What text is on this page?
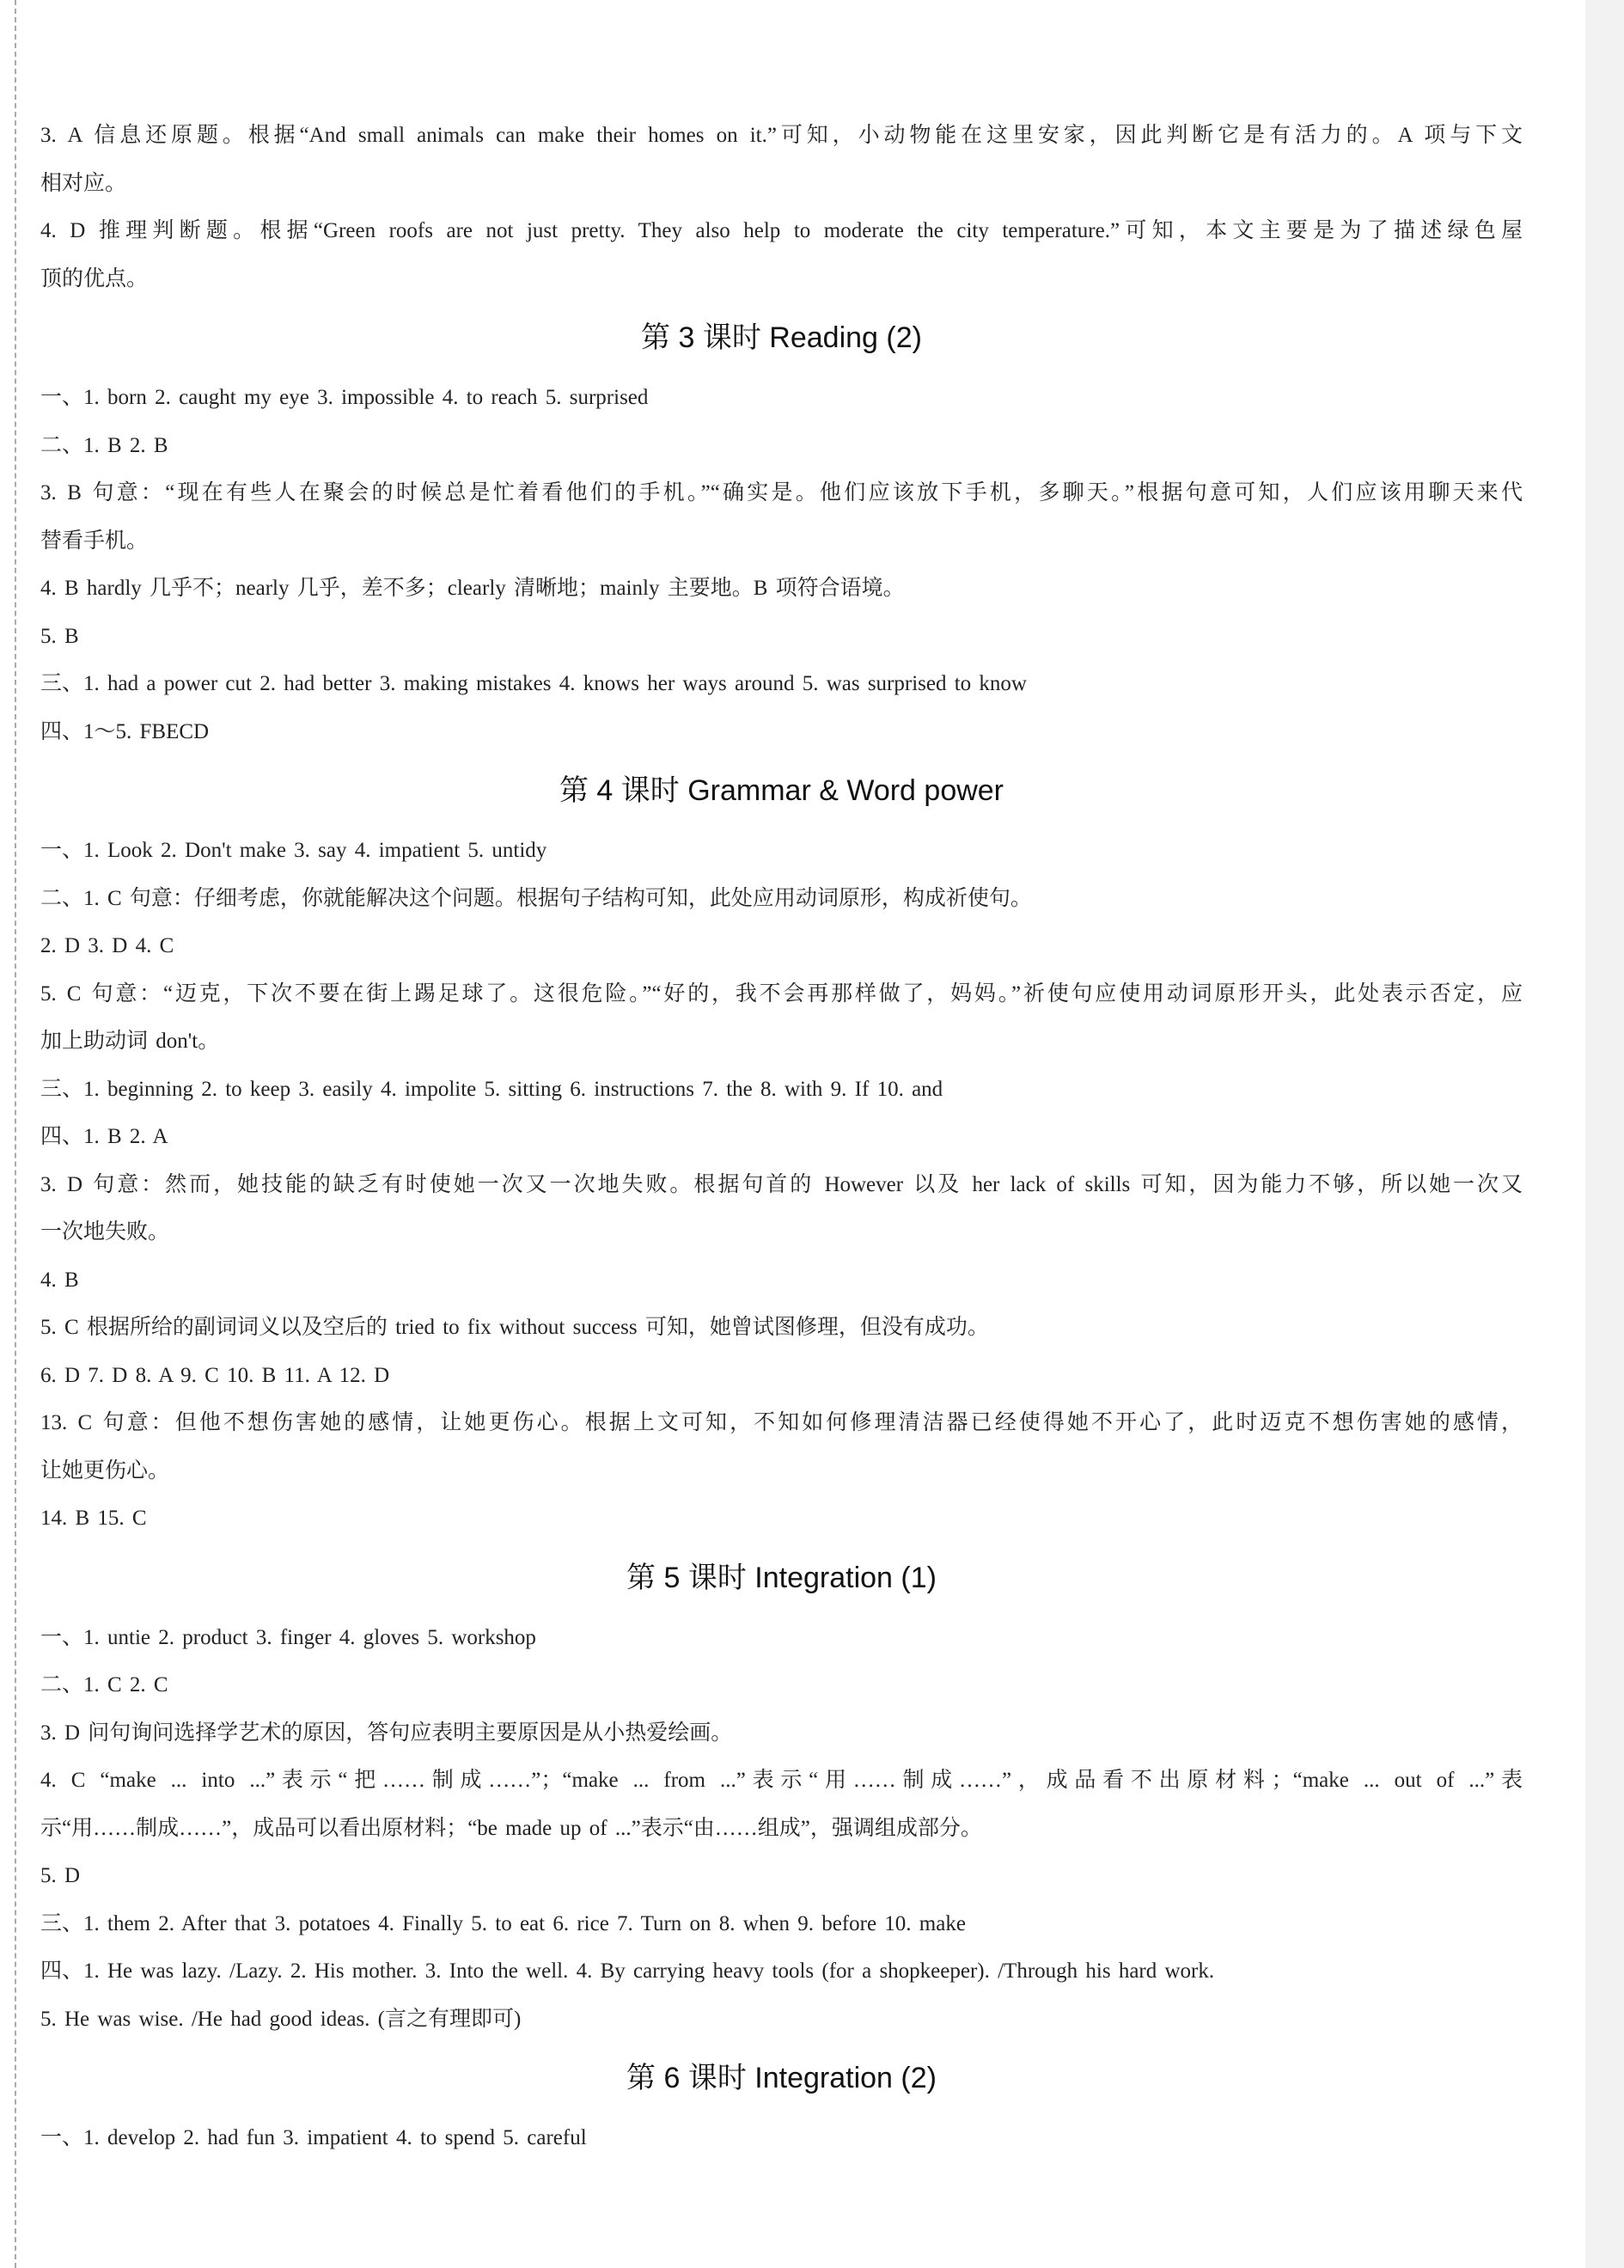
3. A 信息还原题。根据“And small animals can make their homes on it.”可知，小动物能在这里安家，因此判断它是有活力的。A 项与下文
相对应。
4. D 推理判断题。根据“Green roofs are not just pretty. They also help to moderate the city temperature.”可知，本文主要是为了描述绿色屋
顶的优点。
第 3 课时 Reading (2)
一、1. born 2. caught my eye 3. impossible 4. to reach 5. surprised
二、1. B 2. B
3. B 句意：“现在有些人在聚会的时候总是忙着看他们的手机。”“确实是。他们应该放下手机，多聊天。”根据句意可知，人们应该用聊天来代
替看手机。
4. B hardly 几乎不；nearly 几乎，差不多；clearly 清晰地；mainly 主要地。B 项符合语境。
5. B
三、1. had a power cut 2. had better 3. making mistakes 4. knows her ways around 5. was surprised to know
四、1～5. FBECD
第 4 课时 Grammar & Word power
一、1. Look 2. Don't make 3. say 4. impatient 5. untidy
二、1. C 句意：仔细考虑，你就能解决这个问题。根据句子结构可知，此处应用动词原形，构成祈使句。
2. D 3. D 4. C
5. C 句意：“迈克，下次不要在街上踢足球了。这很危险。”“好的，我不会再那样做了，妈妈。”祈使句应使用动词原形开头，此处表示否定，应
加上助动词 don't。
三、1. beginning 2. to keep 3. easily 4. impolite 5. sitting 6. instructions 7. the 8. with 9. If 10. and
四、1. B 2. A
3. D 句意：然而，她技能的缺乏有时使她一次又一次地失败。根据句首的 However 以及 her lack of skills 可知，因为能力不够，所以她一次又
一次地失败。
4. B
5. C 根据所给的副词词义以及空后的 tried to fix without success 可知，她曾试图修理，但没有成功。
6. D 7. D 8. A 9. C 10. B 11. A 12. D
13. C 句意：但他不想伤害她的感情，让她更伤心。根据上文可知，不知如何修理清洁器已经使得她不开心了，此时迈克不想伤害她的感情，
让她更伤心。
14. B 15. C
第 5 课时 Integration (1)
一、1. untie 2. product 3. finger 4. gloves 5. workshop
二、1. C 2. C
3. D 问句询问选择学艺术的原因，答句应表明主要原因是从小热爱绘画。
4. C “make ... into ...”表示“把……制成……”；“make ... from ...”表示“用……制成……”，成品看不出原材料；“make ... out of ...”表
示“用……制成……”，成品可以看出原材料；“be made up of ...”表示“由……组成”，强调组成部分。
5. D
三、1. them 2. After that 3. potatoes 4. Finally 5. to eat 6. rice 7. Turn on 8. when 9. before 10. make
四、1. He was lazy. /Lazy. 2. His mother. 3. Into the well. 4. By carrying heavy tools (for a shopkeeper). /Through his hard work.
5. He was wise. /He had good ideas. (言之有理即可)
第 6 课时 Integration (2)
一、1. develop 2. had fun 3. impatient 4. to spend 5. careful
